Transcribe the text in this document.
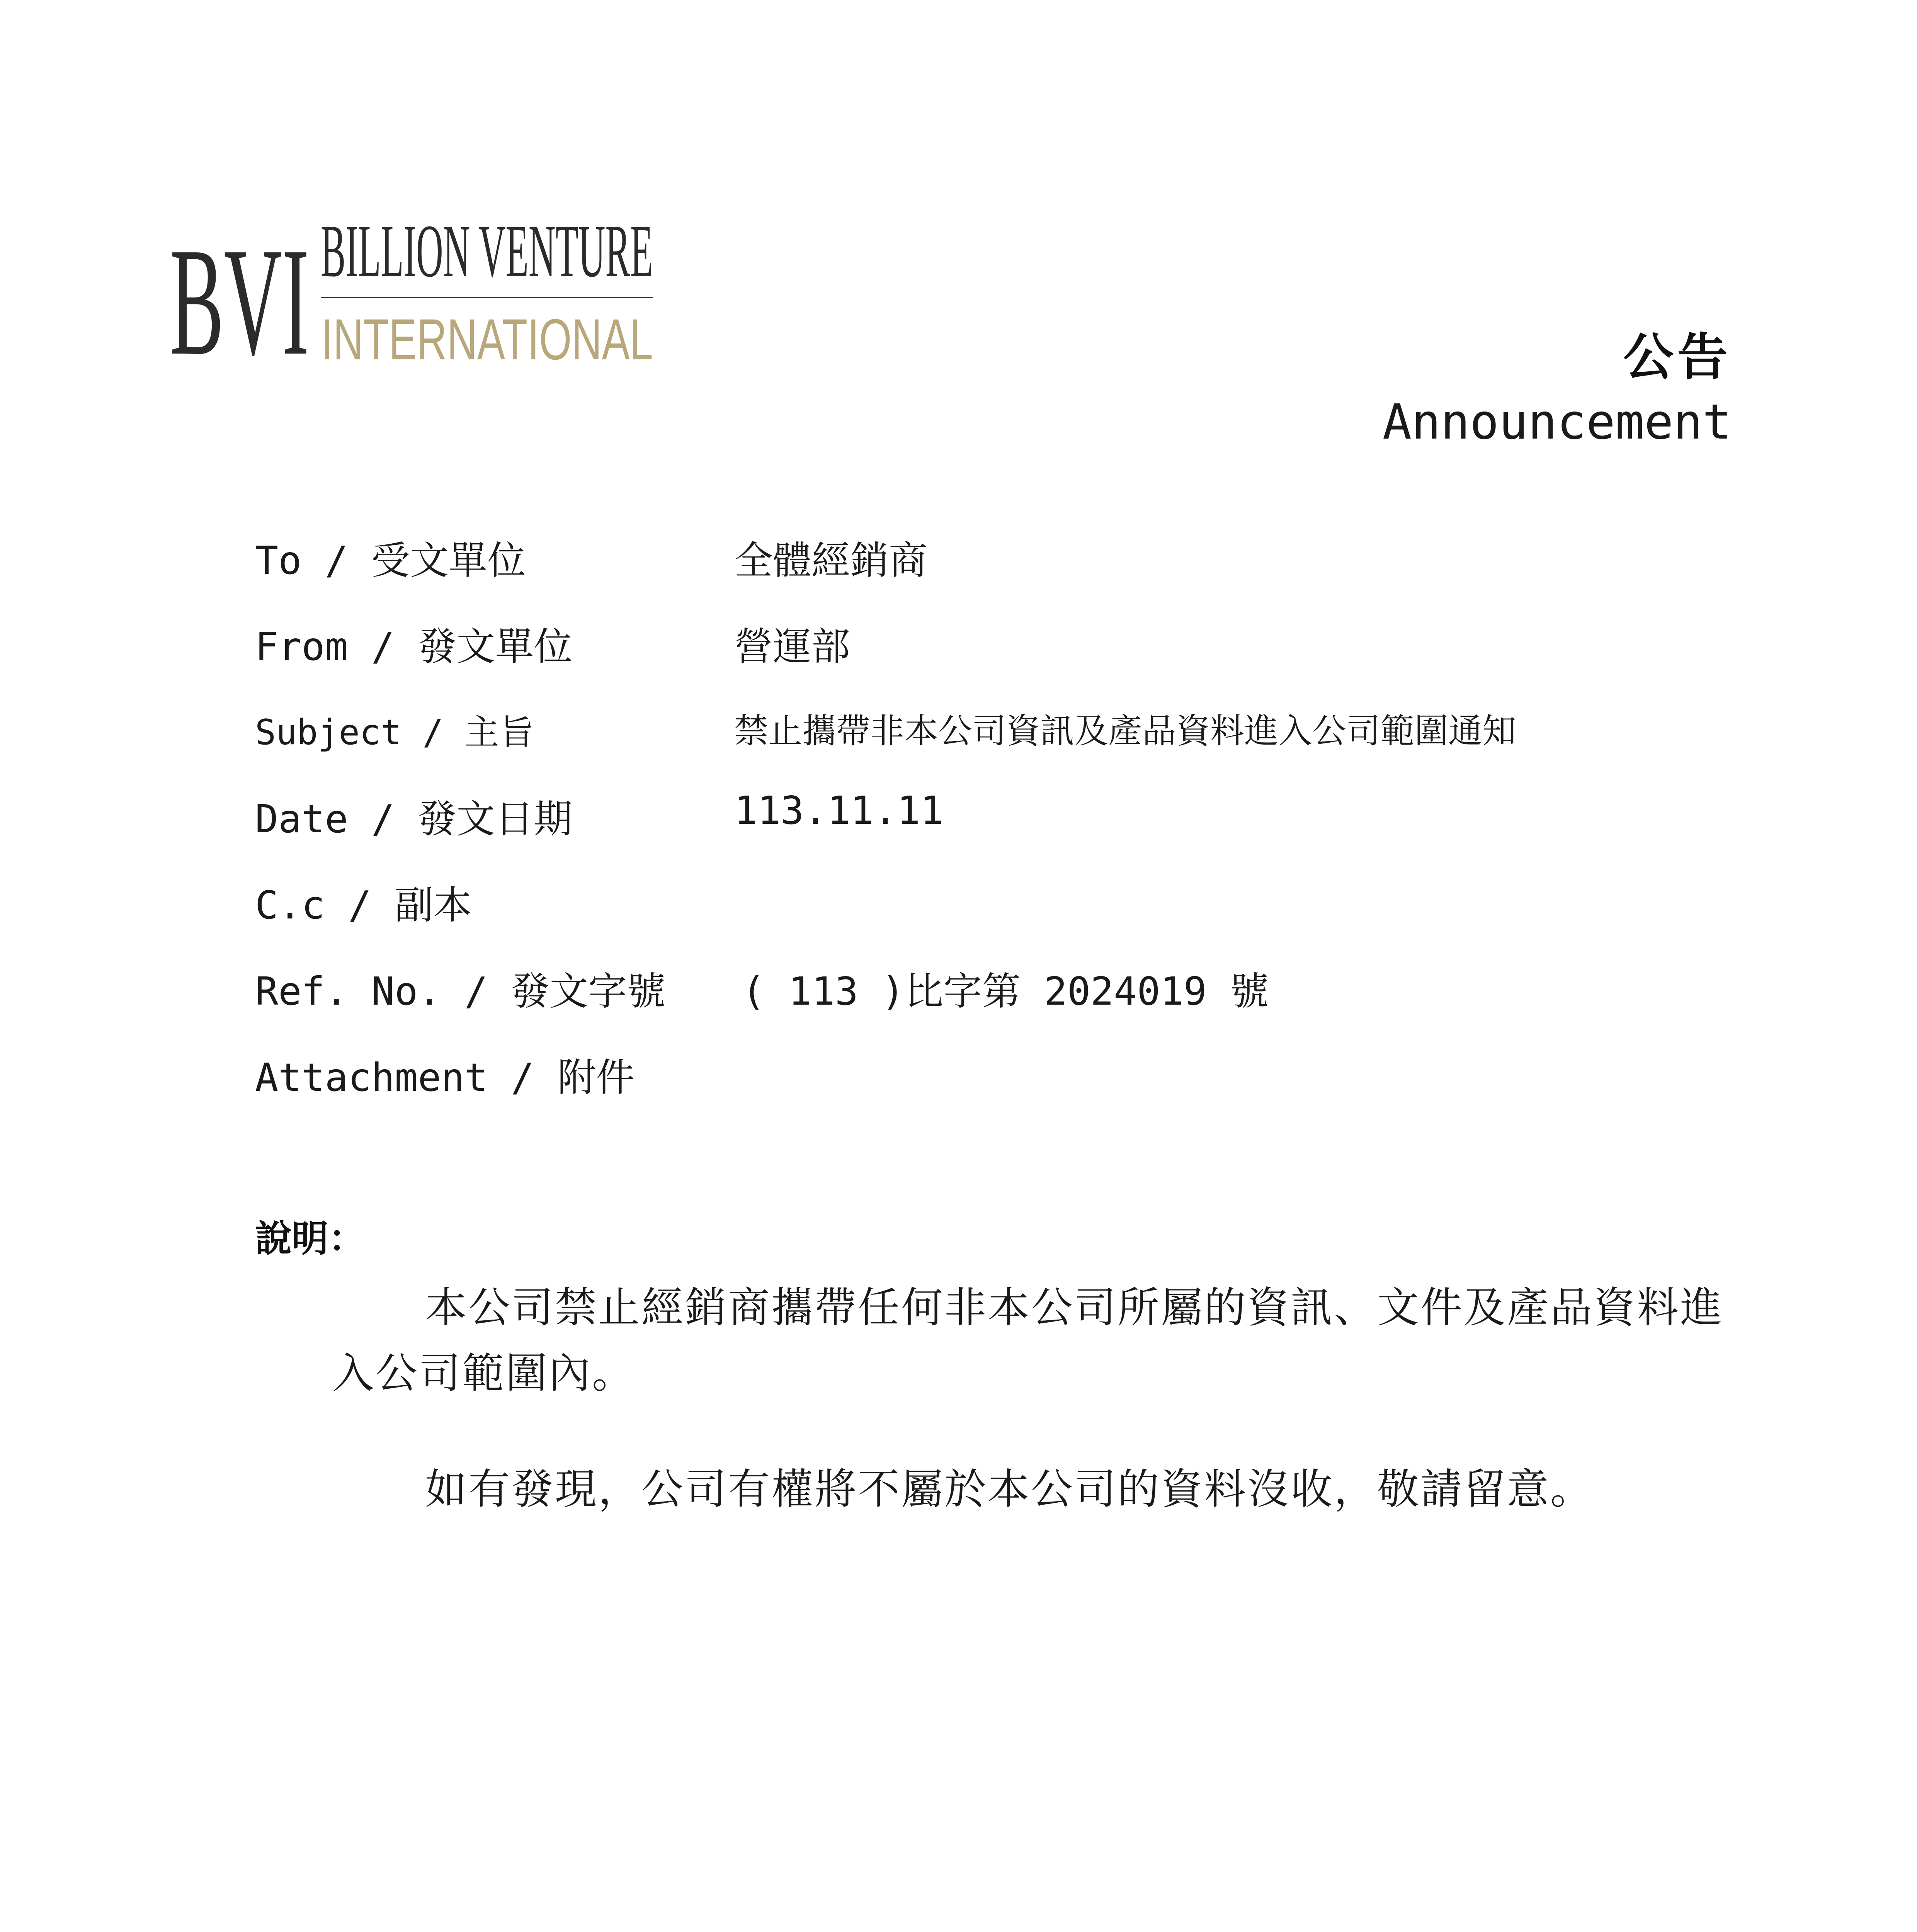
BVI BILLION VENTURE
INTERNATIONAL	公告
Announcement
To / 受文單位	全體經銷商
From / 發文單位	營運部
Subject / 主旨	禁止攜帶非本公司資訊及產品資料進入公司範圍通知
Date / 發文日期	113.11.11
C.c / 副本
Ref. No. / 發文字號 ( 113 )比字第 2024019 號
Attachment / 附件
說明：
本公司禁止經銷商攜帶任何非本公司所屬的資訊、文件及產品資料進入公司範圍內。
如有發現，公司有權將不屬於本公司的資料沒收，敬請留意。
